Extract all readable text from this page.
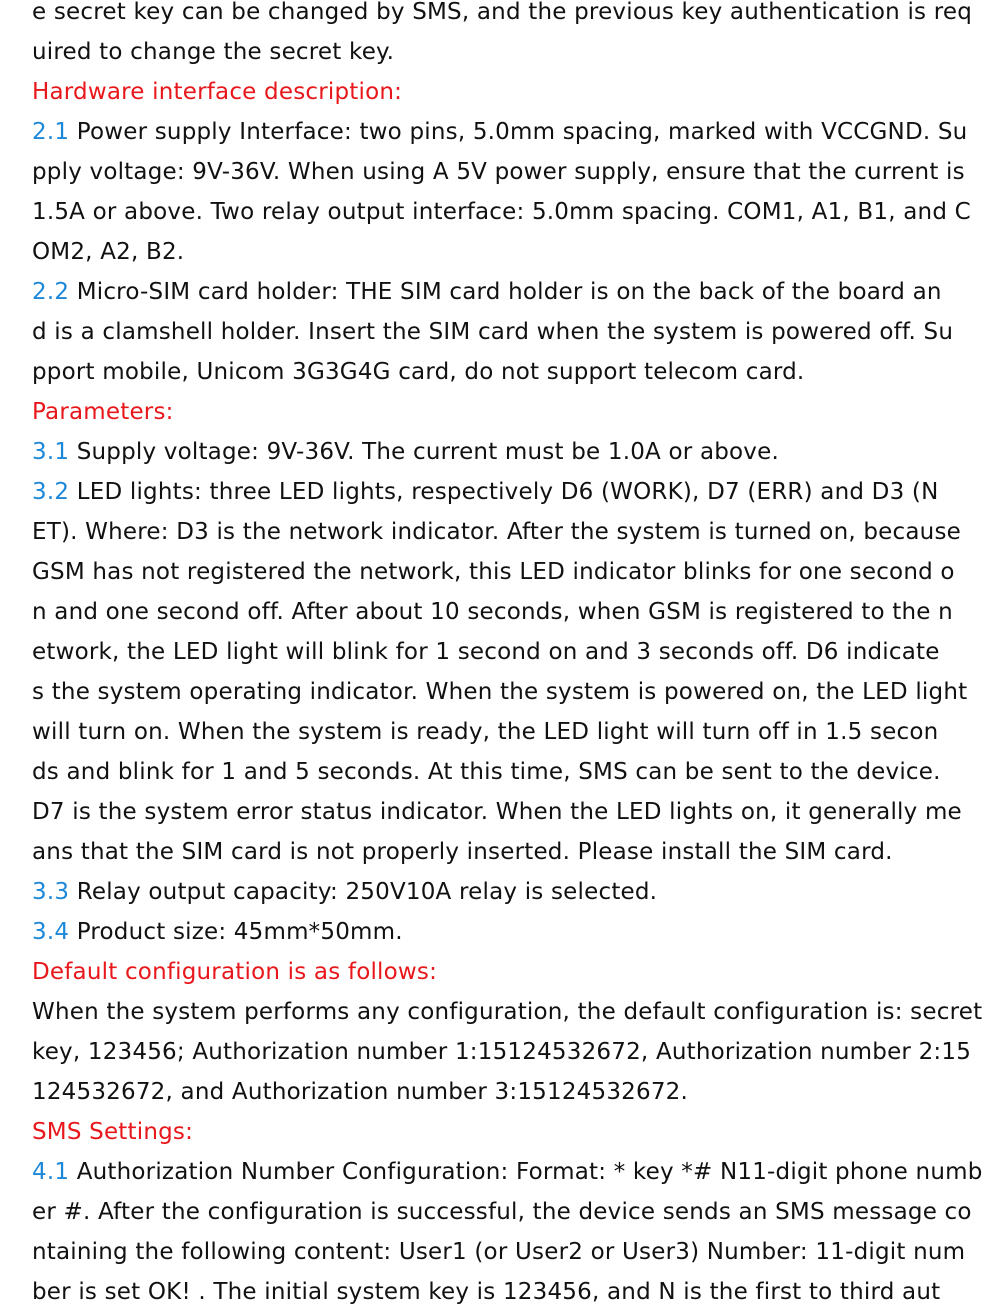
e secret key can be changed by SMS, and the previous key authentication is req
uired to change the secret key.
Hardware interface description:
2.1 Power supply Interface: two pins, 5.0mm spacing, marked with VCCGND. Su
pply voltage: 9V-36V. When using A 5V power supply, ensure that the current is
1.5A or above. Two relay output interface: 5.0mm spacing. COM1, A1, B1, and C
OM2, A2, B2.
2.2 Micro-SIM card holder: THE SIM card holder is on the back of the board an
d is a clamshell holder. Insert the SIM card when the system is powered off. Su
pport mobile, Unicom 3G3G4G card, do not support telecom card.
Parameters:
3.1 Supply voltage: 9V-36V. The current must be 1.0A or above.
3.2 LED lights: three LED lights, respectively D6 (WORK), D7 (ERR) and D3 (N
ET). Where: D3 is the network indicator. After the system is turned on, because
GSM has not registered the network, this LED indicator blinks for one second o
n and one second off. After about 10 seconds, when GSM is registered to the n
etwork, the LED light will blink for 1 second on and 3 seconds off. D6 indicate
s the system operating indicator. When the system is powered on, the LED light
will turn on. When the system is ready, the LED light will turn off in 1.5 secon
ds and blink for 1 and 5 seconds. At this time, SMS can be sent to the device.
D7 is the system error status indicator. When the LED lights on, it generally me
ans that the SIM card is not properly inserted. Please install the SIM card.
3.3 Relay output capacity: 250V10A relay is selected.
3.4 Product size: 45mm*50mm.
Default configuration is as follows:
When the system performs any configuration, the default configuration is: secret
key, 123456; Authorization number 1:15124532672, Authorization number 2:15
124532672, and Authorization number 3:15124532672.
SMS Settings:
4.1 Authorization Number Configuration: Format: * key *# N11-digit phone numb
er #. After the configuration is successful, the device sends an SMS message co
ntaining the following content: User1 (or User2 or User3) Number: 11-digit num
ber is set OK! . The initial system key is 123456, and N is the first to third aut
